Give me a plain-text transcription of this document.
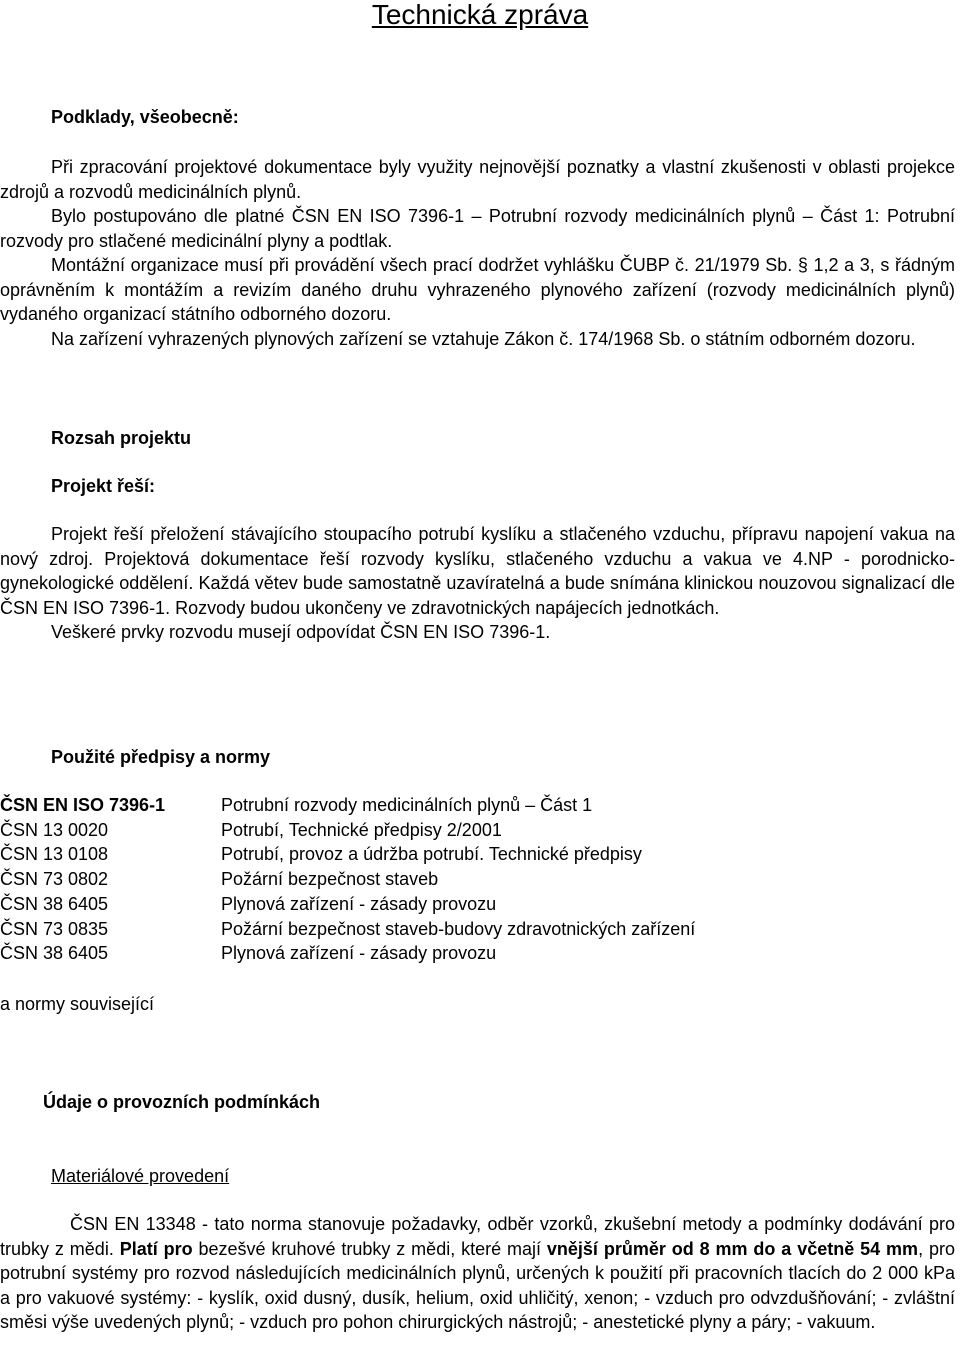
Technická zpráva
Podklady, všeobecně:
Při zpracování projektové dokumentace byly využity nejnovější poznatky a vlastní zkušenosti v oblasti projekce zdrojů a rozvodů medicinálních plynů.
Bylo postupováno dle platné ČSN EN ISO 7396-1 – Potrubní rozvody medicinálních plynů – Část 1: Potrubní rozvody pro stlačené medicinální plyny a podtlak.
Montážní organizace musí při provádění všech prací dodržet vyhlášku ČUBP č. 21/1979 Sb. § 1,2 a 3, s řádným oprávněním k montážím a revizím daného druhu vyhrazeného plynového zařízení (rozvody medicinálních plynů) vydaného organizací státního odborného dozoru.
Na zařízení vyhrazených plynových zařízení se vztahuje Zákon č. 174/1968 Sb. o státním odborném dozoru.
Rozsah projektu
Projekt řeší:
Projekt řeší přeložení stávajícího stoupacího potrubí kyslíku a stlačeného vzduchu, přípravu napojení vakua na nový zdroj. Projektová dokumentace řeší rozvody kyslíku, stlačeného vzduchu a vakua ve 4.NP - porodnicko-gynekologické oddělení. Každá větev bude samostatně uzavíratelná a bude snímána klinickou nouzovou signalizací dle ČSN EN ISO 7396-1. Rozvody budou ukončeny ve zdravotnických napájecích jednotkách.
Veškeré prvky rozvodu musejí odpovídat ČSN EN ISO 7396-1.
Použité předpisy a normy
ČSN EN ISO 7396-1	Potrubní rozvody medicinálních plynů – Část 1
ČSN 13 0020	Potrubí, Technické předpisy 2/2001
ČSN 13 0108	Potrubí, provoz a údržba potrubí. Technické předpisy
ČSN 73 0802	Požární bezpečnost staveb
ČSN 38 6405	Plynová zařízení - zásady provozu
ČSN 73 0835	Požární bezpečnost staveb-budovy zdravotnických zařízení
ČSN 38 6405	Plynová zařízení - zásady provozu

a normy související

Údaje o provozních podmínkách

Materiálové provedení

ČSN EN 13348 - tato norma stanovuje požadavky, odběr vzorků, zkušební metody a podmínky dodávání pro trubky z mědi. Platí pro bezešvé kruhové trubky z mědi, které mají vnější průměr od 8 mm do a včetně 54 mm, pro potrubní systémy pro rozvod následujících medicinálních plynů, určených k použití při pracovních tlacích do 2 000 kPa a pro vakuové systémy: - kyslík, oxid dusný, dusík, helium, oxid uhličitý, xenon; - vzduch pro odvzdušňování; - zvláštní směsi výše uvedených plynů; - vzduch pro pohon chirurgických nástrojů; - anestetické plyny a páry; - vakuum.
